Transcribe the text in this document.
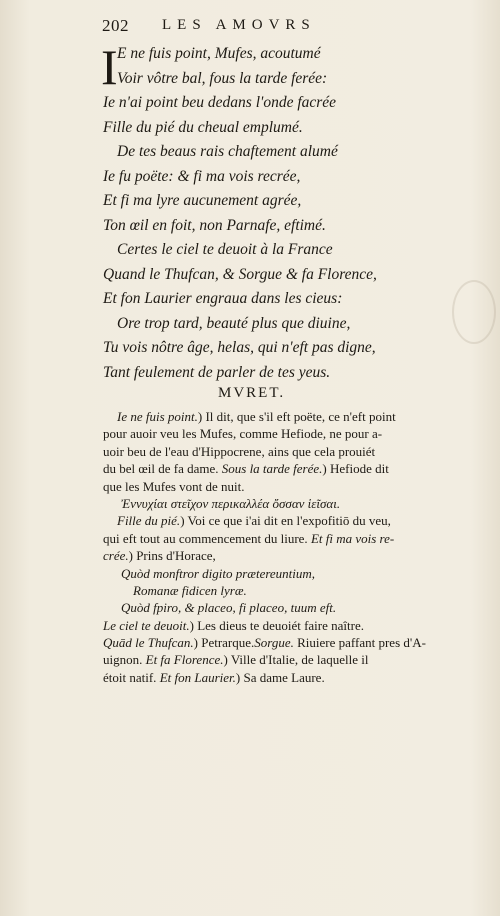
202 LES AMOVRS
I E ne fuis point, Mufes, acoutumé
Voir vôtre bal, fous la tarde ferée:
Ie n'ai point beu dedans l'onde facrée
Fille du pié du cheual emplumé.
De tes beaus rais chaftement alumé
Ie fu poëte: & fi ma vois recrée,
Et fi ma lyre aucunement agrée,
Ton œil en foit, non Parnafe, eftimé.
Certes le ciel te deuoit à la France
Quand le Thufcan, & Sorgue & fa Florence,
Et fon Laurier engraua dans les cieus:
Ore trop tard, beauté plus que diuine,
Tu vois nôtre âge, helas, qui n'eft pas digne,
Tant feulement de parler de tes yeus.
MVRET.
Ie ne fuis point.) Il dit, que s'il eft poëte, ce n'eft point
pour auoir veu les Mufes, comme Hefiode, ne pour a-
uoir beu de l'eau d'Hippocrene, ains que cela prouiét
du bel œil de fa dame. Sous la tarde ferée.) Hefiode dit
que les Mufes vont de nuit.
Ἐννυχίαι στεῖχον περικαλλέα ὄσσαν ἱεῖσαι.
Fille du pié.) Voi ce que i'ai dit en l'expofitiō du veu,
qui eft tout au commencement du liure. Et fi ma vois re-
crée.) Prins d'Horace,
Quòd monftror digito prætereuntium,
Romanæ fidicen lyræ.
Quòd fpiro, & placeo, fi placeo, tuum eft.
Le ciel te deuoit.) Les dieus te deuoiét faire naître.
Quād le Thufcan.) Petrarque.Sorgue. Riuiere paffant pres d'A-
uignon. Et fa Florence.) Ville d'Italie, de laquelle il
étoit natif. Et fon Laurier.) Sa dame Laure.
